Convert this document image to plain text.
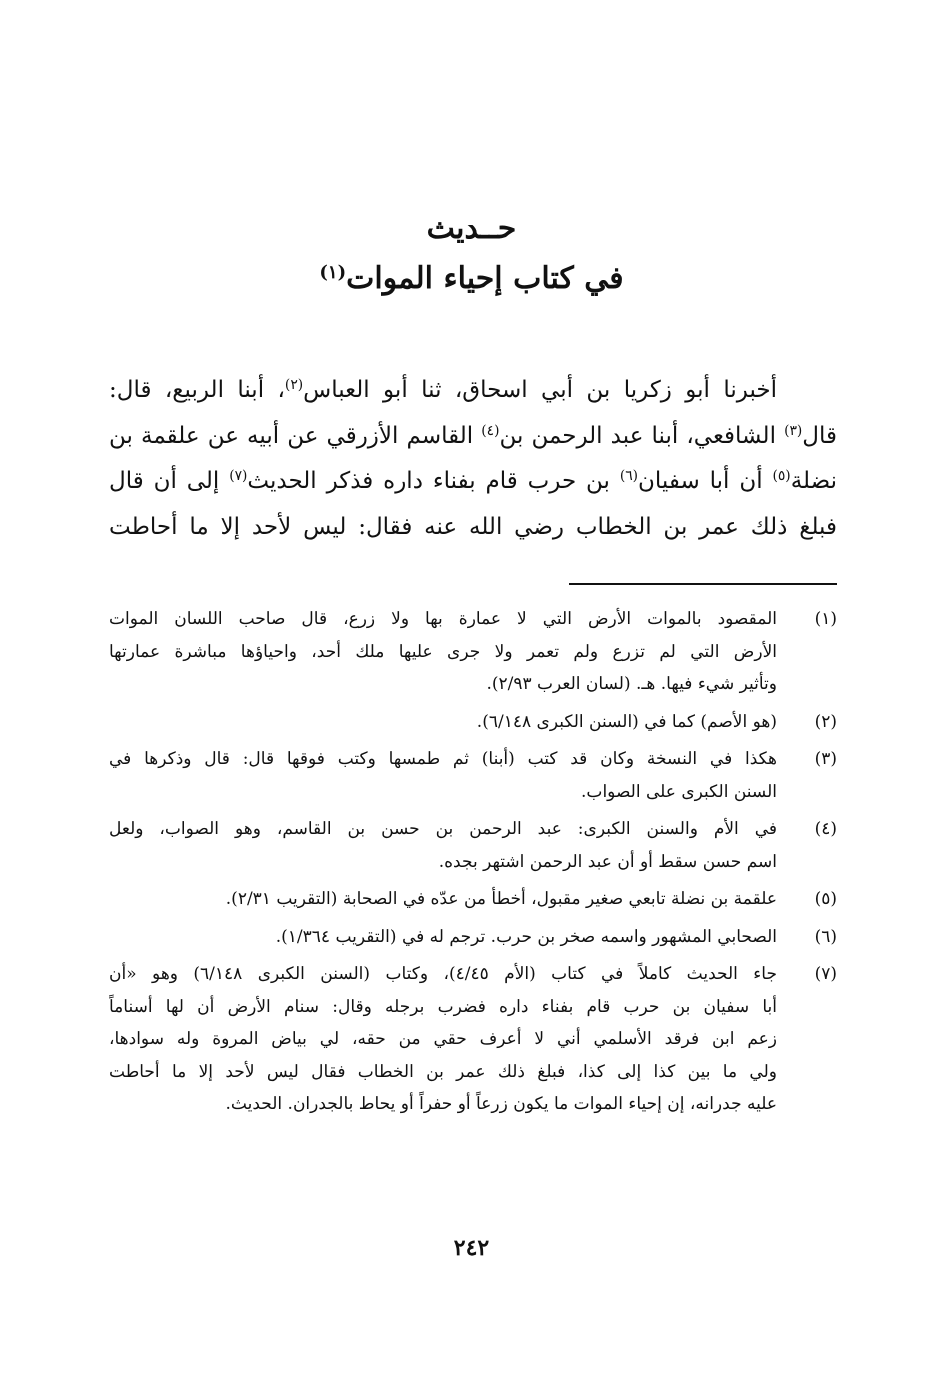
حــديث
في كتاب إحياء الموات$^{(١)}$
أخبرنا أبو زكريا بن أبي اسحاق، ثنا أبو العباس$^{(٢)}$، أبنا الربيع، قال:
قال$^{(٣)}$ الشافعي، أبنا عبد الرحمن بن$^{(٤)}$ القاسم الأزرقي عن أبيه عن علقمة بن
نضلة$^{(٥)}$ أن أبا سفيان$^{(٦)}$ بن حرب قام بفناء داره فذكر الحديث$^{(٧)}$ إلى أن قال
فبلغ ذلك عمر بن الخطاب رضي الله عنه فقال: ليس لأحد إلا ما أحاطت
(١)
المقصود بالموات الأرض التي لا عمارة بها ولا زرع، قال صاحب اللسان الموات
الأرض التي لم تزرع ولم تعمر ولا جرى عليها ملك أحد، واحياؤها مباشرة عمارتها
وتأثير شيء فيها. هـ. (لسان العرب ٢/٩٣).
(٢)
(هو الأصم) كما في (السنن الكبرى ٦/١٤٨).
(٣)
هكذا في النسخة وكان قد كتب (أبنا) ثم طمسها وكتب فوقها قال: قال وذكرها في
السنن الكبرى على الصواب.
(٤)
في الأم والسنن الكبرى: عبد الرحمن بن حسن بن القاسم، وهو الصواب، ولعل
اسم حسن سقط أو أن عبد الرحمن اشتهر بجده.
(٥)
علقمة بن نضلة تابعي صغير مقبول، أخطأ من عدّه في الصحابة (التقريب ٢/٣١).
(٦)
الصحابي المشهور واسمه صخر بن حرب. ترجم له في (التقريب ١/٣٦٤).
(٧)
جاء الحديث كاملاً في كتاب (الأم ٤/٤٥)، وكتاب (السنن الكبرى ٦/١٤٨) وهو «أن
أبا سفيان بن حرب قام بفناء داره فضرب برجله وقال: سنام الأرض أن لها أسناماً
زعم ابن فرقد الأسلمي أني لا أعرف حقي من حقه، لي بياض المروة وله سوادها،
ولي ما بين كذا إلى كذا، فبلغ ذلك عمر بن الخطاب فقال ليس لأحد إلا ما أحاطت
عليه جدرانه، إن إحياء الموات ما يكون زرعاً أو حفراً أو يحاط بالجدران. الحديث.
٢٤٢
